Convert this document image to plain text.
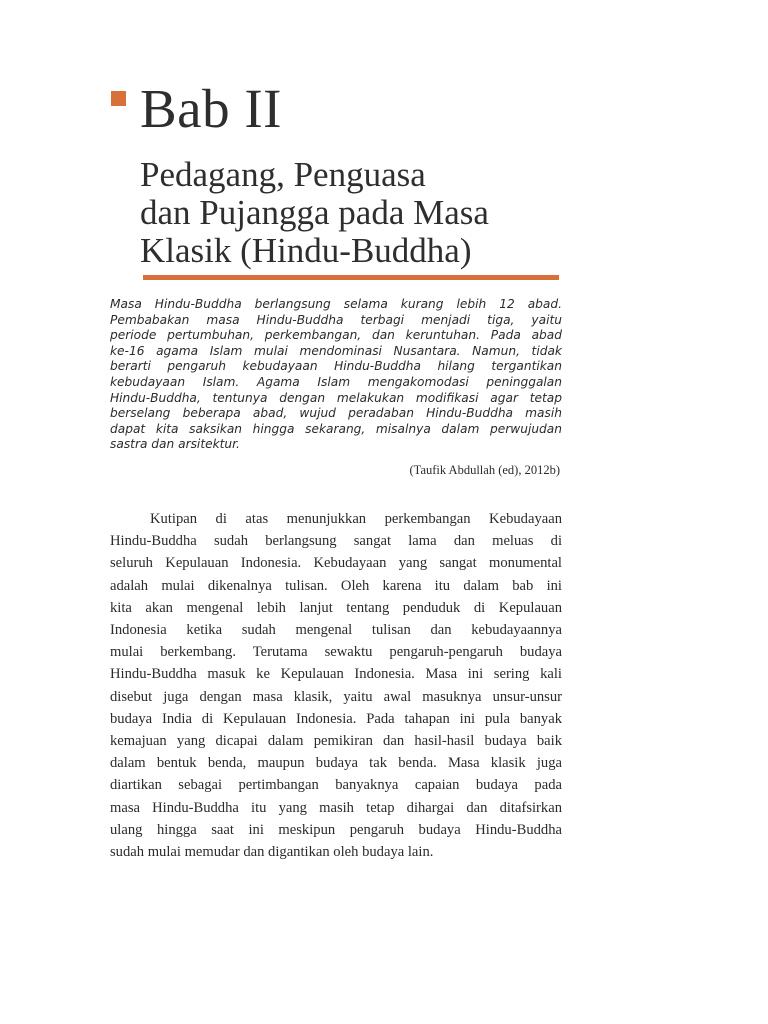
Bab II
Pedagang, Penguasa
dan Pujangga pada Masa
Klasik (Hindu-Buddha)
Masa Hindu-Buddha berlangsung selama kurang lebih 12 abad.
Pembabakan masa Hindu-Buddha terbagi menjadi tiga, yaitu
periode pertumbuhan, perkembangan, dan keruntuhan. Pada abad
ke-16 agama Islam mulai mendominasi Nusantara. Namun, tidak
berarti pengaruh kebudayaan Hindu-Buddha hilang tergantikan
kebudayaan Islam. Agama Islam mengakomodasi peninggalan
Hindu-Buddha, tentunya dengan melakukan modifikasi agar tetap
berselang beberapa abad, wujud peradaban Hindu-Buddha masih
dapat kita saksikan hingga sekarang, misalnya dalam perwujudan
sastra dan arsitektur.
(Taufik Abdullah (ed), 2012b)
Kutipan di atas menunjukkan perkembangan Kebudayaan
Hindu-Buddha sudah berlangsung sangat lama dan meluas di
seluruh Kepulauan Indonesia. Kebudayaan yang sangat monumental
adalah mulai dikenalnya tulisan. Oleh karena itu dalam bab ini
kita akan mengenal lebih lanjut tentang penduduk di Kepulauan
Indonesia ketika sudah mengenal tulisan dan kebudayaannya
mulai berkembang. Terutama sewaktu pengaruh-pengaruh budaya
Hindu-Buddha masuk ke Kepulauan Indonesia. Masa ini sering kali
disebut juga dengan masa klasik, yaitu awal masuknya unsur-unsur
budaya India di Kepulauan Indonesia. Pada tahapan ini pula banyak
kemajuan yang dicapai dalam pemikiran dan hasil-hasil budaya baik
dalam bentuk benda, maupun budaya tak benda. Masa klasik juga
diartikan sebagai pertimbangan banyaknya capaian budaya pada
masa Hindu-Buddha itu yang masih tetap dihargai dan ditafsirkan
ulang hingga saat ini meskipun pengaruh budaya Hindu-Buddha
sudah mulai memudar dan digantikan oleh budaya lain.
